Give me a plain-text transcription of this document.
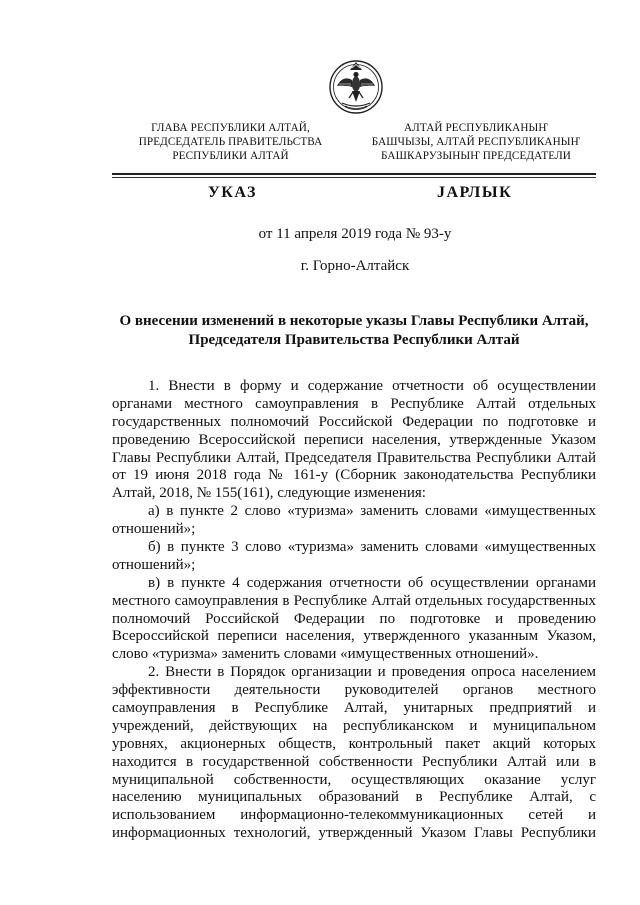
ГЛАВА РЕСПУБЛИКИ АЛТАЙ,
ПРЕДСЕДАТЕЛЬ ПРАВИТЕЛЬСТВА
РЕСПУБЛИКИ АЛТАЙ
АЛТАЙ РЕСПУБЛИКАНЫҤ
БАШЧЫЗЫ, АЛТАЙ РЕСПУБЛИКАНЫҤ
БАШКАРУЗЫНЫҤ ПРЕДСЕДАТЕЛИ
УКАЗ	JАРЛЫК
от 11 апреля 2019 года № 93-у
г. Горно-Алтайск
О внесении изменений в некоторые указы Главы Республики Алтай,
Председателя Правительства Республики Алтай
1. Внести в форму и содержание отчетности об осуществлении
органами местного самоуправления в Республике Алтай отдельных
государственных полномочий Российской Федерации по подготовке и
проведению Всероссийской переписи населения, утвержденные Указом
Главы Республики Алтай, Председателя Правительства Республики Алтай
от 19 июня 2018 года № 161-у (Сборник законодательства Республики
Алтай, 2018, № 155(161), следующие изменения:
а) в пункте 2 слово «туризма» заменить словами «имущественных
отношений»;
б) в пункте 3 слово «туризма» заменить словами «имущественных
отношений»;
в) в пункте 4 содержания отчетности об осуществлении органами
местного самоуправления в Республике Алтай отдельных государственных
полномочий Российской Федерации по подготовке и проведению
Всероссийской переписи населения, утвержденного указанным Указом,
слово «туризма» заменить словами «имущественных отношений».
2. Внести в Порядок организации и проведения опроса населением
эффективности деятельности руководителей органов местного
самоуправления в Республике Алтай, унитарных предприятий и
учреждений, действующих на республиканском и муниципальном
уровнях, акционерных обществ, контрольный пакет акций которых
находится в государственной собственности Республики Алтай или в
муниципальной собственности, осуществляющих оказание услуг
населению муниципальных образований в Республике Алтай, с
использованием информационно-телекоммуникационных сетей и
информационных технологий, утвержденный Указом Главы Республики
